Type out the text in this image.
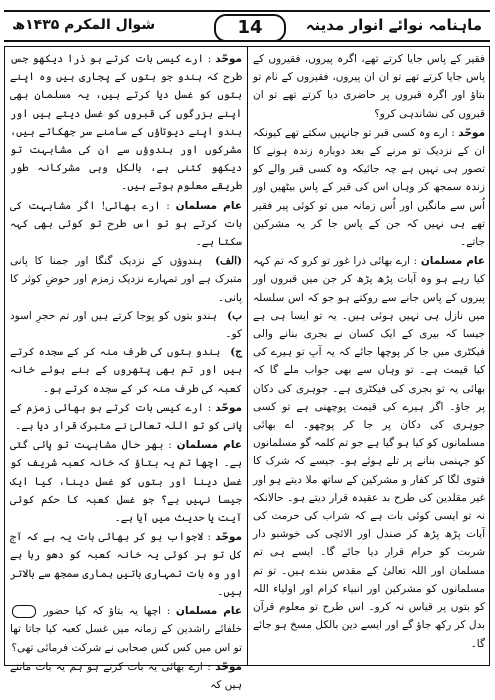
ماہنامہ نوائے انوار مدینہ
14
شوال المکرم ۱۴۳۵ھ

فقیر کے پاس جایا کرتے تھے، اگرہ پیروں، فقیروں کے پاس جایا کرتے تھے تو ان ان پیروں، فقیروں کے نام تو بتاؤ اور اگرہ قبروں پر حاضری دیا کرتے تھے تو ان قبروں کی نشاندہی کرو؟

موحّد : ارے وہ کسی قبر تو جانہیں سکتے تھے کیونکہ ان کے نزدیک تو مرنے کے بعد دوبارہ زندہ ہونے کا تصور ہی نہیں ہے چہ جائیکہ وہ کسی قبر والے کو زندہ سمجھ کر وہاں اس کی قبر کے پاس بیٹھیں اور اُس سے مانگیں اور اُس زمانہ میں تو کوئی پیر فقیر تھے ہی نہیں کہ جن کے پاس جا کر یہ مشرکین جاتے۔

عام مسلمان : ارے بھائی ذرا غور تو کرو کہ تم کہہ کیا رہے ہو وہ آیات پڑھ پڑھ کر جن میں قبروں اور پیروں کے پاس جانے سے روکتے ہو جو کہ اس سلسلہ میں نازل ہی نہیں ہوئی ہیں۔ یہ تو ایسا ہی ہے جیسا کہ بیری کے ایک کسان نے بجری بنانے والی فیکٹری میں جا کر پوچھا جائے کہ یہ آپ تو ہیرے کی کیا قیمت ہے۔ تو وہاں سے بھی جواب ملے گا کہ بھائی یہ تو بجری کی فیکٹری ہے۔ جوہری کی دکان پر جاؤ۔ اگر ہیرے کی قیمت پوچھنی ہے تو کسی جوہری کی دکان پر جا کر پوچھو۔ اے بھائی مسلمانوں کو کیا ہو گیا ہے جو تم کلمہ گو مسلمانوں کو جہنمی بنانے پر تلے ہوئے ہو۔ جیسے کہ شرک کا فتوی لگا کر کفار و مشرکین کے ساتھ ملا دیتے ہو اور غیر مقلدین کی طرح بد عقیدہ قرار دیتے ہو۔ حالانکہ نہ تو ایسی کوئی بات ہے کہ شراب کی حرمت کی آیات پڑھ پڑھ کر صندل اور الائچی کی خوشبو دار شربت کو حرام قرار دیا جائے گا۔ ایسے ہی تم مسلمان اور اللہ تعالیٰ کے مقدس بندے ہیں۔ تو تم مسلمانوں کو مشرکین اور انبیاء کرام اور اولیاء اللہ کو بتوں پر قیاس نہ کرو۔ اس طرح تو معلوم قرآن بدل کر رکھ جاؤ گے اور ایسے دین بالکل مسخ ہو جائے گا۔

موحّد : ارے کیسی بات کرتے ہو ذرا دیکھو جس طرح کہ ہندو جو بتوں کے پجاری ہیں وہ اپنے بتوں کو غسل دیا کرتے ہیں، یہ مسلمان بھی اپنے بزرگوں کی قبروں کو غسل دیتے ہیں اور ہندو اپنے دیوتاؤں کے سامنے سر جھکاتے ہیں، مشرکوں اور ہندوؤں سے ان کی مشابہت تو دیکھو کتنی ہے، بالکل وہی مشرکانہ طور طریقے معلوم ہوتے ہیں۔

عام مسلمان : ارے بھائی! اگر مشابہت کی بات کرتے ہو تو اس طرح تو کوئی بھی کہہ سکتا ہے۔

(الف) ہندوؤں کے نزدیک گنگا اور جمنا کا پانی متبرک ہے اور تمہارے نزدیک زمزم اور حوضِ کوثر کا پانی۔
ب) ہندو بتوں کو پوجا کرتے ہیں اور تم حجرِ اسود کو۔
ج) ہندو بتوں کی طرف منہ کر کے سجدہ کرتے ہیں اور تم بھی پتھروں کے بنے ہوئے خانہ کعبہ کی طرف منہ کر کے سجدہ کرتے ہو۔

موحّد : ارے کیسی بات کرتے ہو بھائی زمزم کے پانی کو تو اللہ تعالیٰ نے متبرک قرار دیا ہے۔

عام مسلمان : بھر حال مشابہت تو پائی گئی ہے۔ اچھا تم یہ بتاؤ کہ خانہ کعبہ شریف کو غسل دینا اور بتوں کو غسل دینا، کیا ایک جیسا نہیں ہے؟ جو غسل کعبہ کا حکم کوئی آیت یا حدیث میں آیا ہے۔

موحّد : لاجواب ہو کر بھائی بات یہ ہے کہ آج کل تو ہر کوئی یہ خانہ کعبہ کو دھو رہا ہے اور وہ بات تمہاری باتیں ہماری سمجھ سے بالاتر ہیں۔

عام مسلمان : اچھا یہ بتاؤ کہ کیا حضور  خلفائے راشدین کے زمانہ میں غسل کعبہ کیا جاتا تھا تو اس میں کس کس صحابی نے شرکت فرمائی تھی؟

موحّد : ارے بھائی یہ بات کرتے ہو ہم یہ بات مانتے ہیں کہ
